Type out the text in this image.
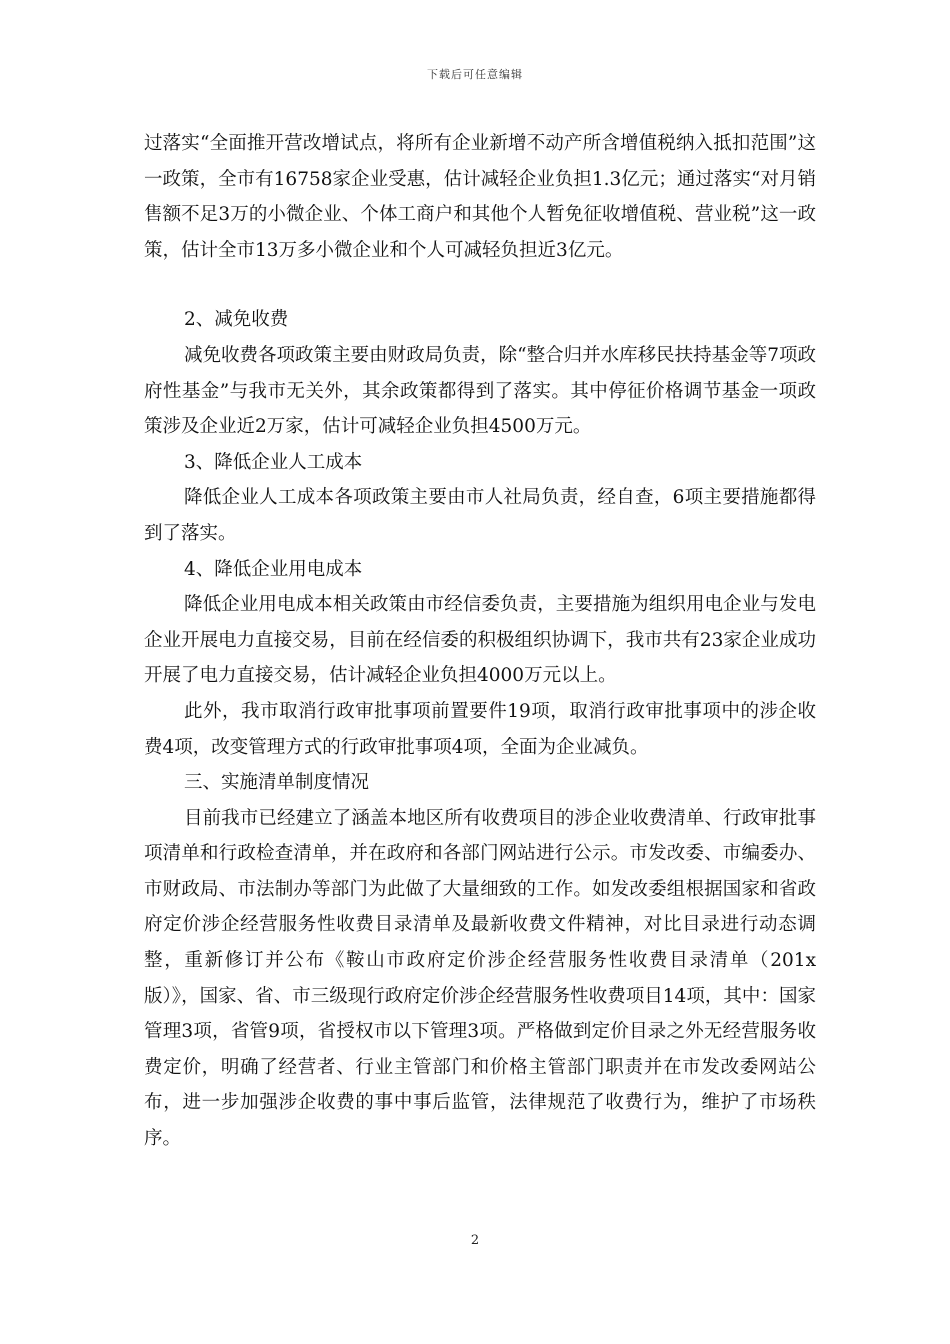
下载后可任意编辑

过落实“全面推开营改增试点，将所有企业新增不动产所含增值税纳入抵扣范围”这一政策，全市有16758家企业受惠，估计减轻企业负担1.3亿元；通过落实“对月销售额不足3万的小微企业、个体工商户和其他个人暂免征收增值税、营业税”这一政策，估计全市13万多小微企业和个人可减轻负担近3亿元。

2、减免收费

减免收费各项政策主要由财政局负责，除“整合归并水库移民扶持基金等7项政府性基金”与我市无关外，其余政策都得到了落实。其中停征价格调节基金一项政策涉及企业近2万家，估计可减轻企业负担4500万元。

3、降低企业人工成本

降低企业人工成本各项政策主要由市人社局负责，经自查，6项主要措施都得到了落实。

4、降低企业用电成本

降低企业用电成本相关政策由市经信委负责，主要措施为组织用电企业与发电企业开展电力直接交易，目前在经信委的积极组织协调下，我市共有23家企业成功开展了电力直接交易，估计减轻企业负担4000万元以上。

此外，我市取消行政审批事项前置要件19项，取消行政审批事项中的涉企收费4项，改变管理方式的行政审批事项4项，全面为企业减负。

三、实施清单制度情况

目前我市已经建立了涵盖本地区所有收费项目的涉企业收费清单、行政审批事项清单和行政检查清单，并在政府和各部门网站进行公示。市发改委、市编委办、市财政局、市法制办等部门为此做了大量细致的工作。如发改委组根据国家和省政府定价涉企经营服务性收费目录清单及最新收费文件精神，对比目录进行动态调整，重新修订并公布《鞍山市政府定价涉企经营服务性收费目录清单（201x版）》，国家、省、市三级现行政府定价涉企经营服务性收费项目14项，其中：国家管理3项，省管9项，省授权市以下管理3项。严格做到定价目录之外无经营服务收费定价，明确了经营者、行业主管部门和价格主管部门职责并在市发改委网站公布，进一步加强涉企收费的事中事后监管，法律规范了收费行为，维护了市场秩序。

2
